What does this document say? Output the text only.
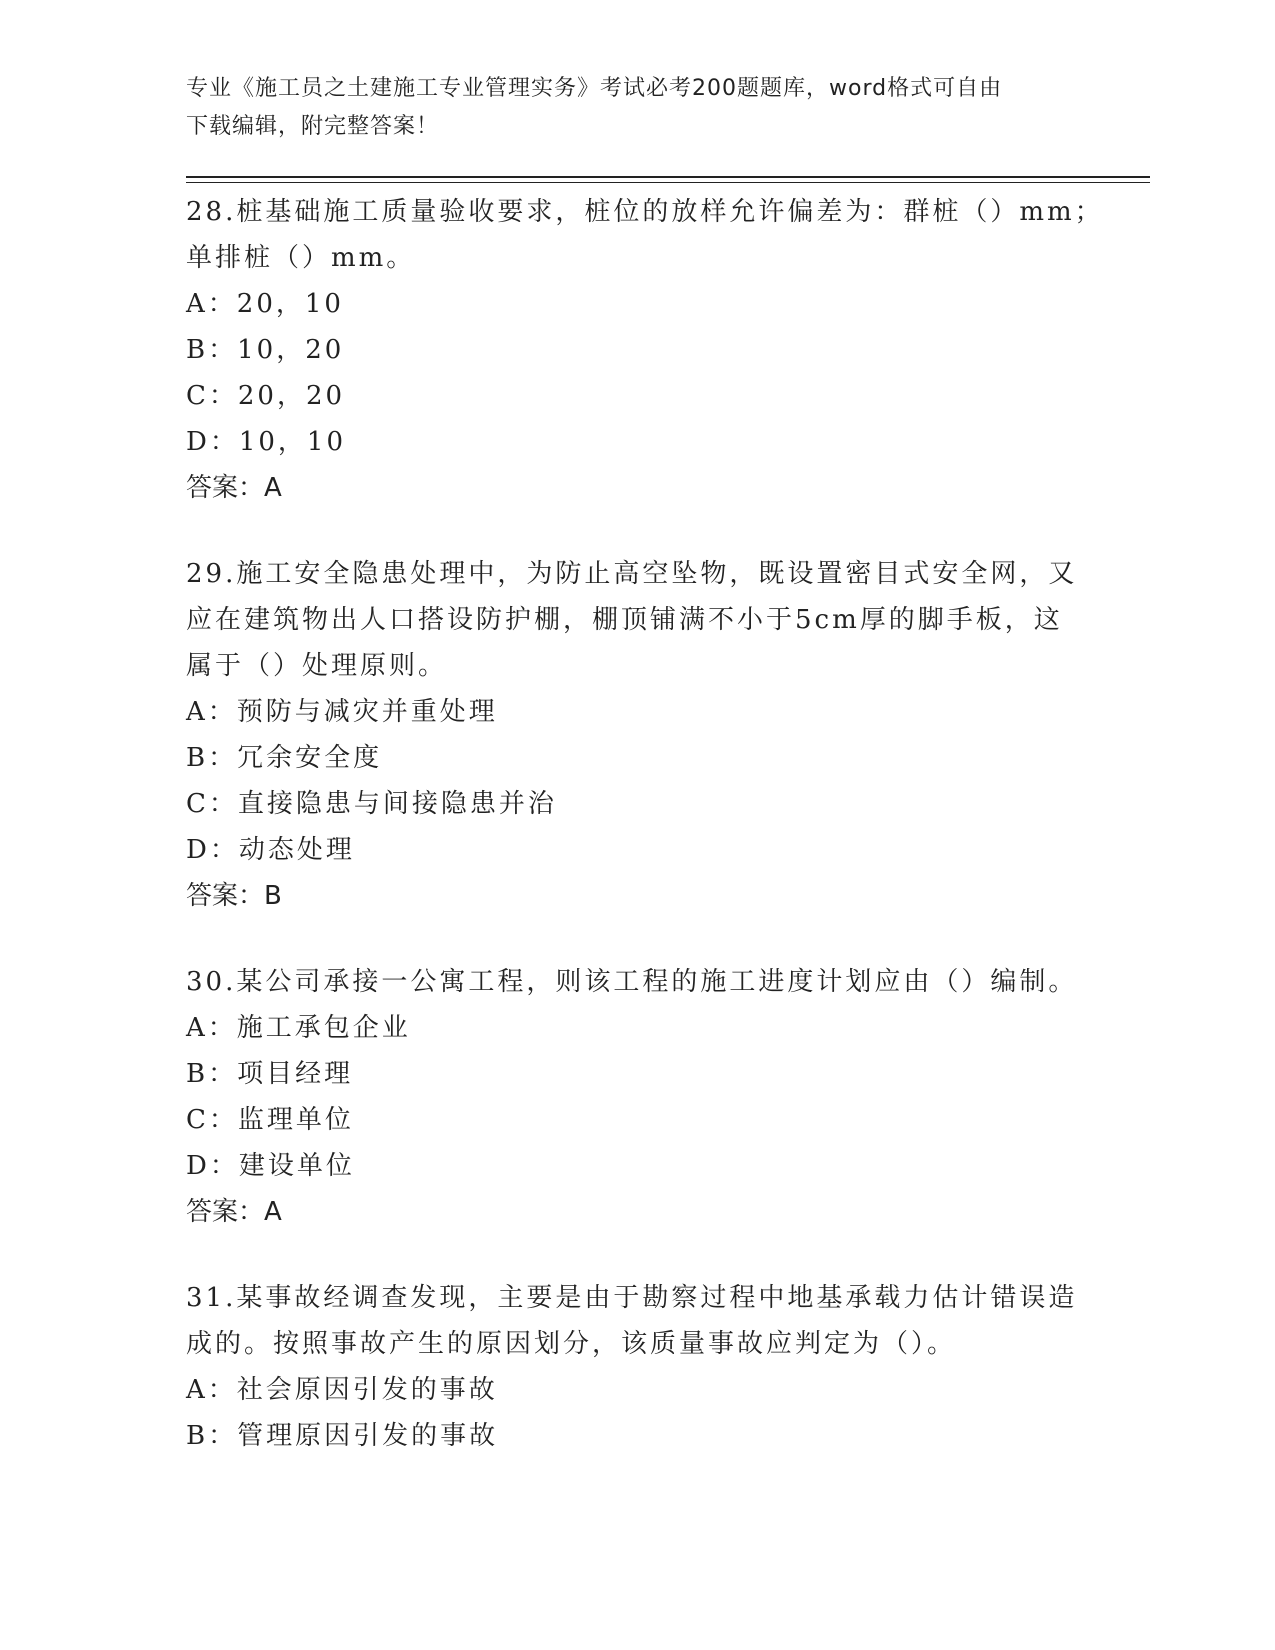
专业《施工员之土建施工专业管理实务》考试必考200题题库，word格式可自由
下载编辑，附完整答案！
28.桩基础施工质量验收要求，桩位的放样允许偏差为：群桩（）mm；
单排桩（）mm。
A：20，10
B：10，20
C：20，20
D：10，10
答案：A
29.施工安全隐患处理中，为防止高空坠物，既设置密目式安全网，又
应在建筑物出人口搭设防护棚，棚顶铺满不小于5cm厚的脚手板，这
属于（）处理原则。
A：预防与减灾并重处理
B：冗余安全度
C：直接隐患与间接隐患并治
D：动态处理
答案：B
30.某公司承接一公寓工程，则该工程的施工进度计划应由（）编制。
A：施工承包企业
B：项目经理
C：监理单位
D：建设单位
答案：A
31.某事故经调查发现，主要是由于勘察过程中地基承载力估计错误造
成的。按照事故产生的原因划分，该质量事故应判定为（）。
A：社会原因引发的事故
B：管理原因引发的事故
